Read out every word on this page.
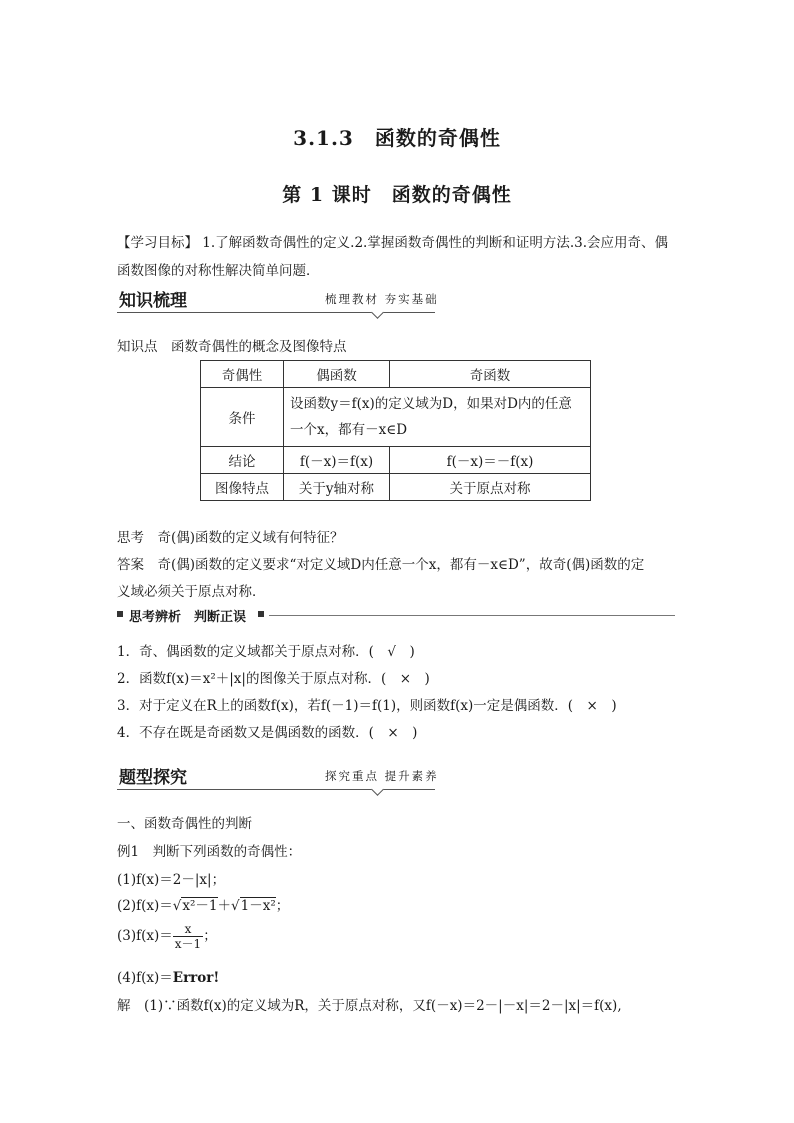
3.1.3　函数的奇偶性
第 1 课时　函数的奇偶性
【学习目标】 1.了解函数奇偶性的定义.2.掌握函数奇偶性的判断和证明方法.3.会应用奇、偶
函数图像的对称性解决简单问题．
知识梳理	梳理教材 夯实基础
知识点　函数奇偶性的概念及图像特点
奇偶性	偶函数	奇函数
条件	设函数y＝f(x)的定义域为D，如果对D内的任意
一个x，都有－x∈D	

结论	f(－x)＝f(x)	f(－x)＝－f(x)
图像特点	关于y轴对称	关于原点对称
思考　奇(偶)函数的定义域有何特征？
答案　奇(偶)函数的定义要求“对定义域D内任意一个x，都有－x∈D”，故奇(偶)函数的定
义域必须关于原点对称．
思考辨析　判断正误
1．奇、偶函数的定义域都关于原点对称．(　√　)
2．函数f(x)＝x²＋|x|的图像关于原点对称．(　×　)
3．对于定义在R上的函数f(x)，若f(－1)＝f(1)，则函数f(x)一定是偶函数．(　×　)
4．不存在既是奇函数又是偶函数的函数．(　×　)
题型探究	探究重点 提升素养
一、函数奇偶性的判断
例1　判断下列函数的奇偶性：
(1)f(x)＝2－|x|；
(2)f(x)＝√x²－1＋√1－x²；
$(3)f(x)= \frac{x}{x-1}$ ；
(4)f(x)＝Error!
解　(1)∵函数f(x)的定义域为R，关于原点对称，又f(－x)＝2－|－x|＝2－|x|＝f(x),
